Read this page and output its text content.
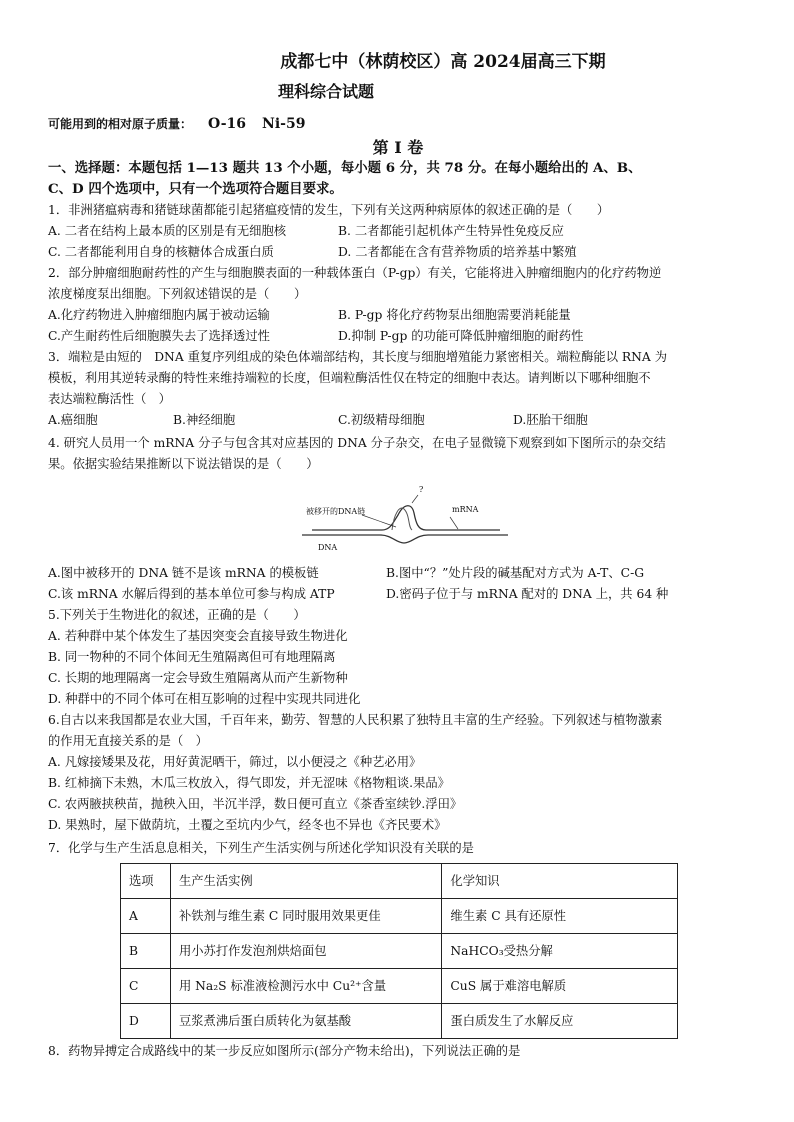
成都七中（林荫校区）高 2024届高三下期
理科综合试题
可能用到的相对原子质量： O-16 Ni-59
第 I 卷
一、选择题：本题包括 1—13 题共 13 个小题，每小题 6 分，共 78 分。在每小题给出的 A、B、
C、D 四个选项中，只有一个选项符合题目要求。
1．非洲猪瘟病毒和猪链球菌都能引起猪瘟疫情的发生，下列有关这两种病原体的叙述正确的是（　　）
A. 二者在结构上最本质的区别是有无细胞核	B. 二者都能引起机体产生特异性免疫反应
C. 二者都能利用自身的核糖体合成蛋白质	D. 二者都能在含有营养物质的培养基中繁殖
2．部分肿瘤细胞耐药性的产生与细胞膜表面的一种载体蛋白（P-gp）有关，它能将进入肿瘤细胞内的化疗药物逆
浓度梯度泵出细胞。下列叙述错误的是（　　）
A.化疗药物进入肿瘤细胞内属于被动运输	B. P-gp 将化疗药物泵出细胞需要消耗能量
C.产生耐药性后细胞膜失去了选择透过性	D.抑制 P-gp 的功能可降低肿瘤细胞的耐药性
3．端粒是由短的　DNA 重复序列组成的染色体端部结构，其长度与细胞增殖能力紧密相关。端粒酶能以 RNA 为
模板，利用其逆转录酶的特性来维持端粒的长度，但端粒酶活性仅在特定的细胞中表达。请判断以下哪种细胞不
表达端粒酶活性（　）
A.癌细胞	B.神经细胞	C.初级精母细胞	D.胚胎干细胞
4. 研究人员用一个 mRNA 分子与包含其对应基因的 DNA 分子杂交，在电子显微镜下观察到如下图所示的杂交结
果。依据实验结果推断以下说法错误的是（　　）
被移开的DNA链
?
mRNA
DNA
A.图中被移开的 DNA 链不是该 mRNA 的模板链	B.图中“？”处片段的碱基配对方式为 A-T、C-G
C.该 mRNA 水解后得到的基本单位可参与构成 ATP	D.密码子位于与 mRNA 配对的 DNA 上，共 64 种
5.下列关于生物进化的叙述，正确的是（　　）
A. 若种群中某个体发生了基因突变会直接导致生物进化
B. 同一物种的不同个体间无生殖隔离但可有地理隔离
C. 长期的地理隔离一定会导致生殖隔离从而产生新物种
D. 种群中的不同个体可在相互影响的过程中实现共同进化
6.自古以来我国都是农业大国，千百年来，勤劳、智慧的人民积累了独特且丰富的生产经验。下列叙述与植物激素
的作用无直接关系的是（　）
A. 凡嫁接矮果及花，用好黄泥晒干，筛过，以小便浸之《种艺必用》
B. 红柿摘下未熟，木瓜三枚放入，得气即发，并无涩味《格物粗谈.果品》
C. 农两腋挟秧苗，抛秧入田，半沉半浮，数日便可直立《茶香室续钞.浮田》
D. 果熟时，屋下做荫坑，土覆之至坑内少气，经冬也不异也《齐民要术》
7．化学与生产生活息息相关，下列生产生活实例与所述化学知识没有关联的是
选项	生产生活实例	化学知识
A	补铁剂与维生素 C 同时服用效果更佳	维生素 C 具有还原性
B	用小苏打作发泡剂烘焙面包	NaHCO₃受热分解
C	用 Na₂S 标准液检测污水中 Cu²⁺含量	CuS 属于难溶电解质
D	豆浆煮沸后蛋白质转化为氨基酸	蛋白质发生了水解反应
8．药物异搏定合成路线中的某一步反应如图所示(部分产物未给出)，下列说法正确的是
